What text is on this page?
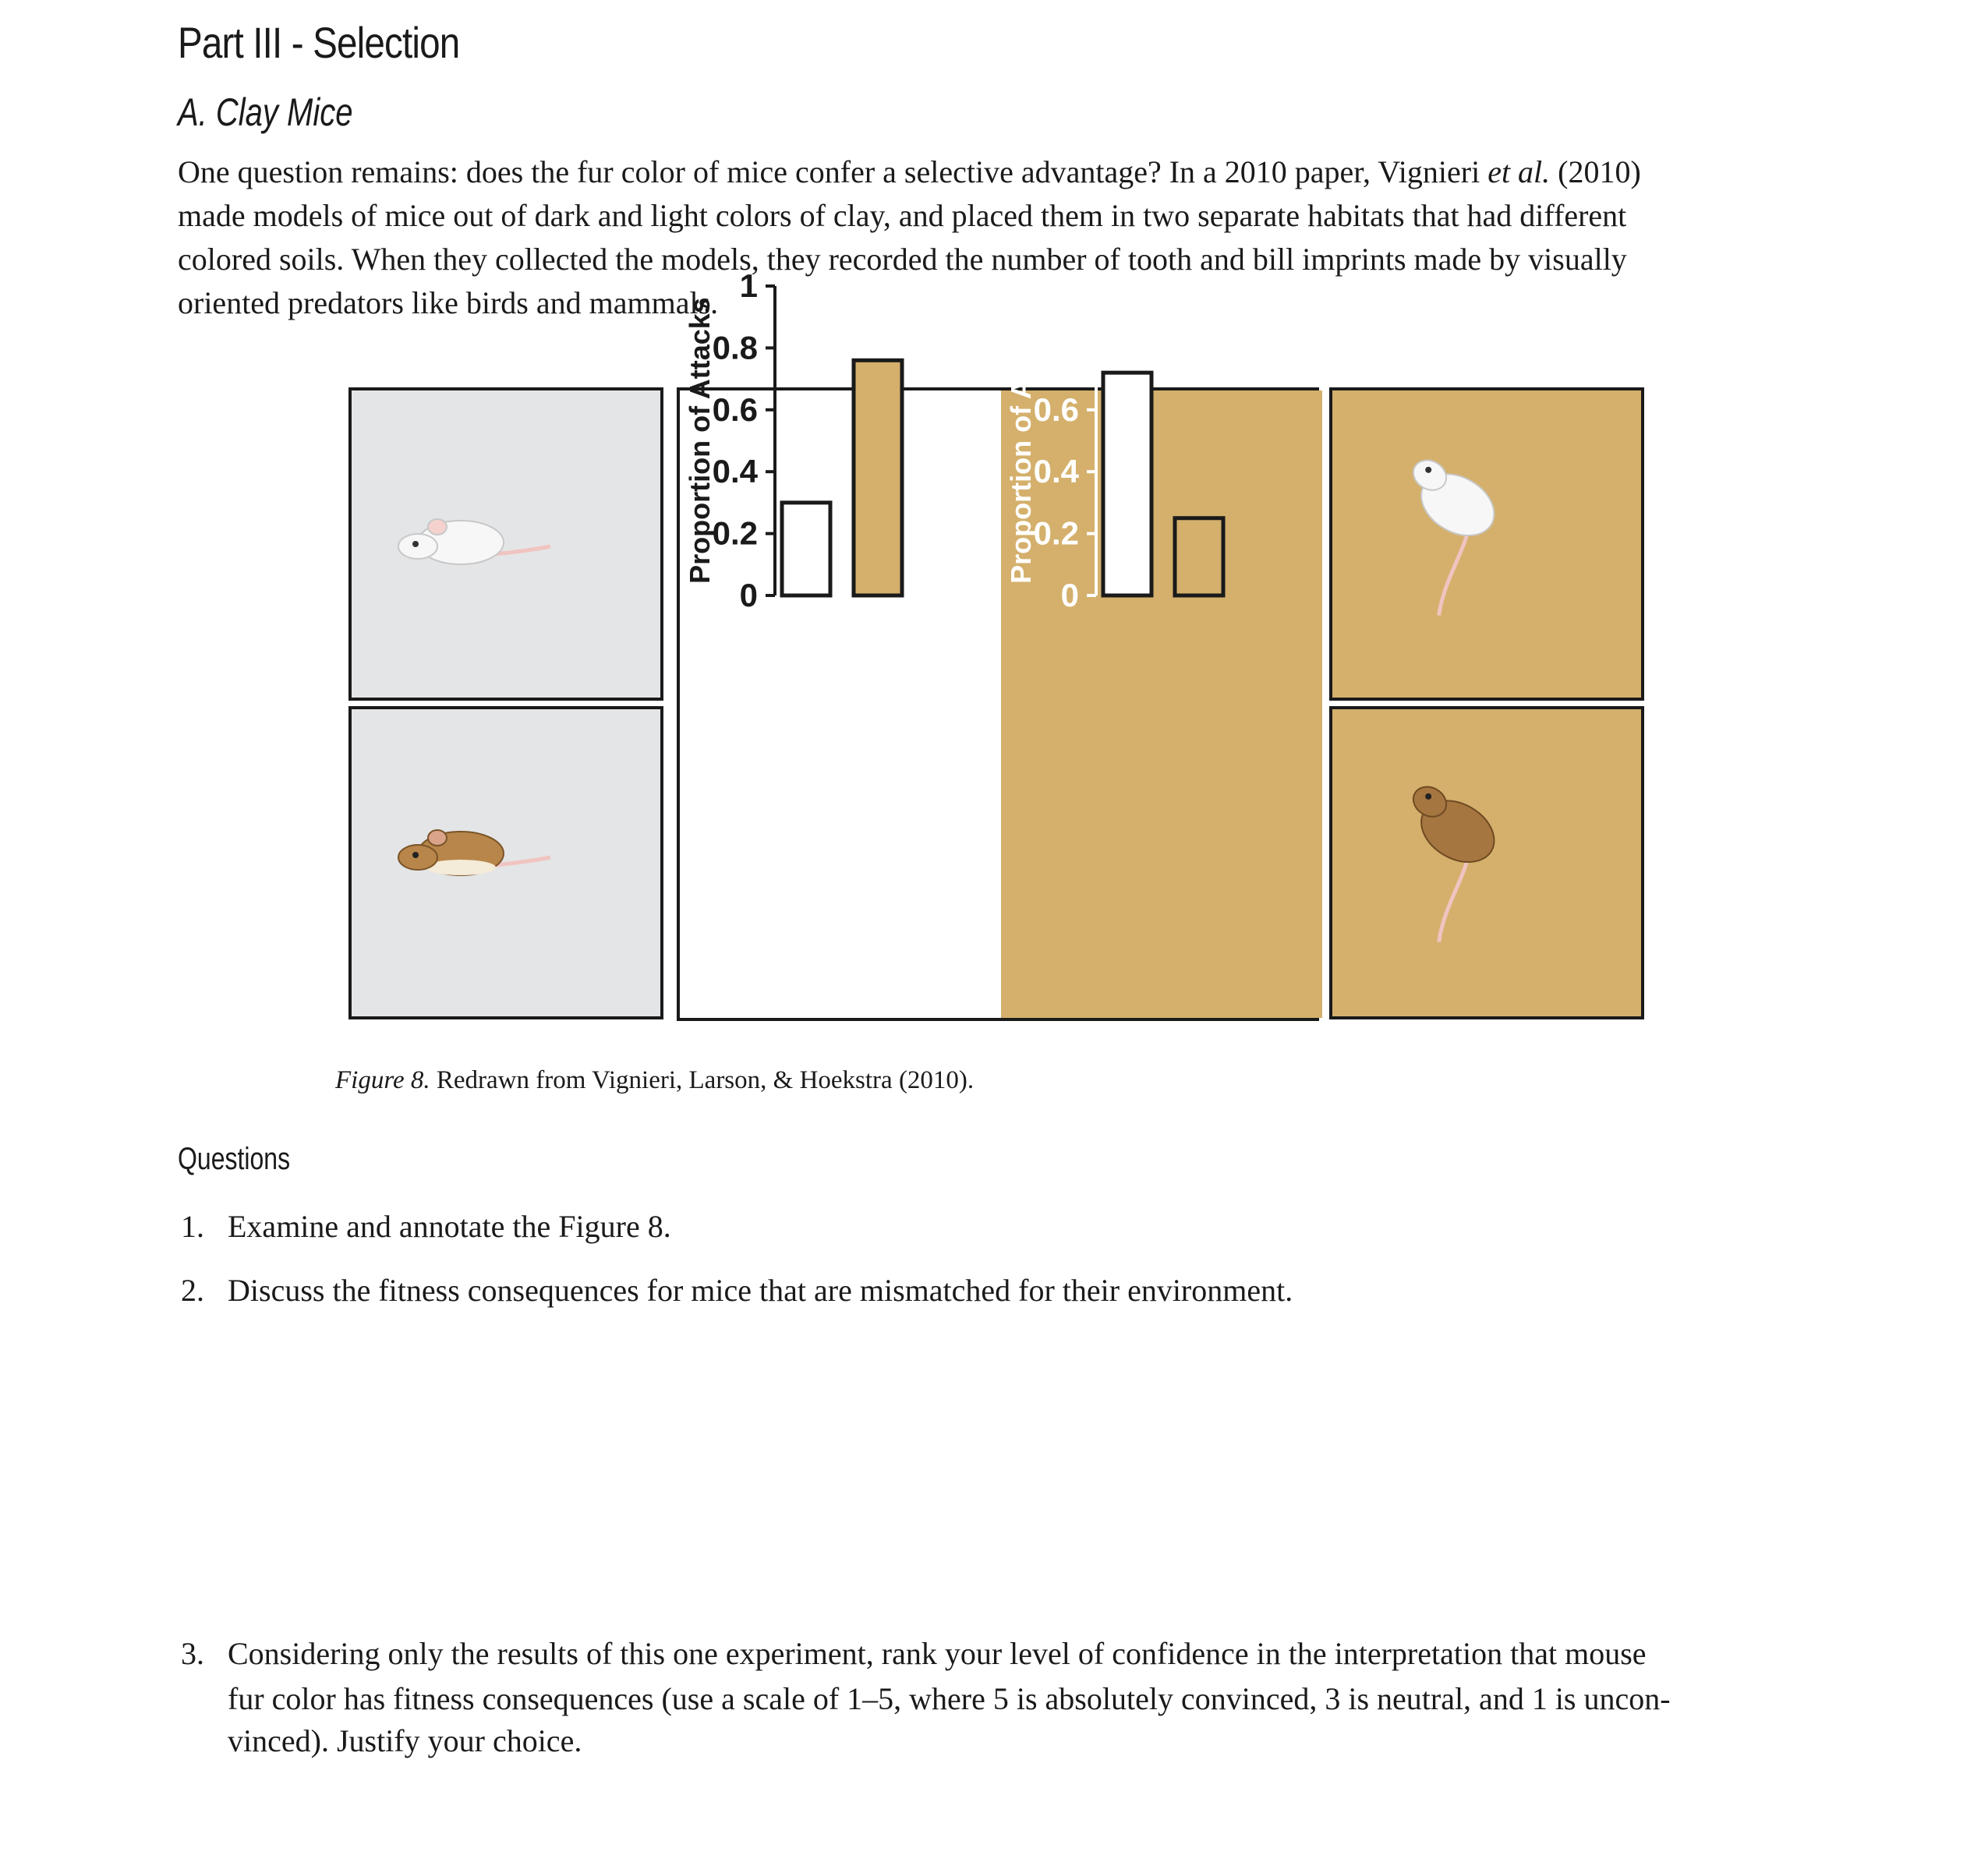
Part III - Selection
A. Clay Mice
One question remains: does the fur color of mice confer a selective advantage? In a 2010 paper, Vignieri et al. (2010)
made models of mice out of dark and light colors of clay, and placed them in two separate habitats that had different
colored soils. When they collected the models, they recorded the number of tooth and bill imprints made by visually
oriented predators like birds and mammals.
0
0.2
0.4
0.6
0.8
1
Proportion of Attacks
0
0.2
0.4
0.6
0.8
1
Proportion of Attacks
Figure 8. Redrawn from Vignieri, Larson, & Hoekstra (2010).
Questions
1. Examine and annotate the Figure 8.
2. Discuss the fitness consequences for mice that are mismatched for their environment.
3. Considering only the results of this one experiment, rank your level of confidence in the interpretation that mouse
fur color has fitness consequences (use a scale of 1–5, where 5 is absolutely convinced, 3 is neutral, and 1 is uncon-
vinced). Justify your choice.
